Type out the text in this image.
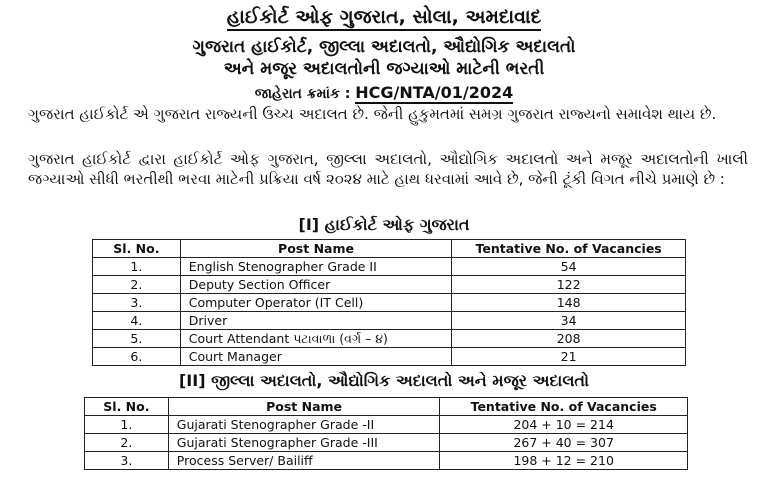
હાઈકોર્ટ ઓફ ગુજરાત, સોલા, અમદાવાદ
ગુજરાત હાઈકોર્ટ, જીલ્લા અદાલતો, ઔદ્યોગિક અદાલતો
અને મજૂર અદાલતોની જગ્યાઓ માટેની ભરતી
જાહેરાત ક્રમાંક : HCG/NTA/01/2024
ગુજરાત હાઈકોર્ટ એ ગુજરાત રાજ્યની ઉચ્ચ અદાલત છે. જેની હુકુમતમાં સમગ્ર ગુજરાત રાજ્યનો સમાવેશ થાય છે.
ગુજરાત હાઈકોર્ટ દ્વારા હાઈકોર્ટ ઓફ ગુજરાત, જીલ્લા અદાલતો, ઔદ્યોગિક અદાલતો અને મજૂર અદાલતોની ખાલી જગ્યાઓ સીધી ભરતીથી ભરવા માટેની પ્રક્રિયા વર્ષ ૨૦૨૪ માટે હાથ ધરવામાં આવે છે, જેની ટૂંકી વિગત નીચે પ્રમાણે છે :
[I] હાઈકોર્ટ ઓફ ગુજરાત
Sl. No.	Post Name	Tentative No. of Vacancies
1.	English Stenographer Grade II	54
2.	Deputy Section Officer	122
3.	Computer Operator (IT Cell)	148
4.	Driver	34
5.	Court Attendant પટાવાળા (વર્ગ – ૪)	208
6.	Court Manager	21
[II] જીલ્લા અદાલતો, ઔદ્યોગિક અદાલતો અને મજૂર અદાલતો
Sl. No.	Post Name	Tentative No. of Vacancies
1.	Gujarati Stenographer Grade -II	204 + 10 = 214
2.	Gujarati Stenographer Grade -III	267 + 40 = 307
3.	Process Server/ Bailiff	198 + 12 = 210
